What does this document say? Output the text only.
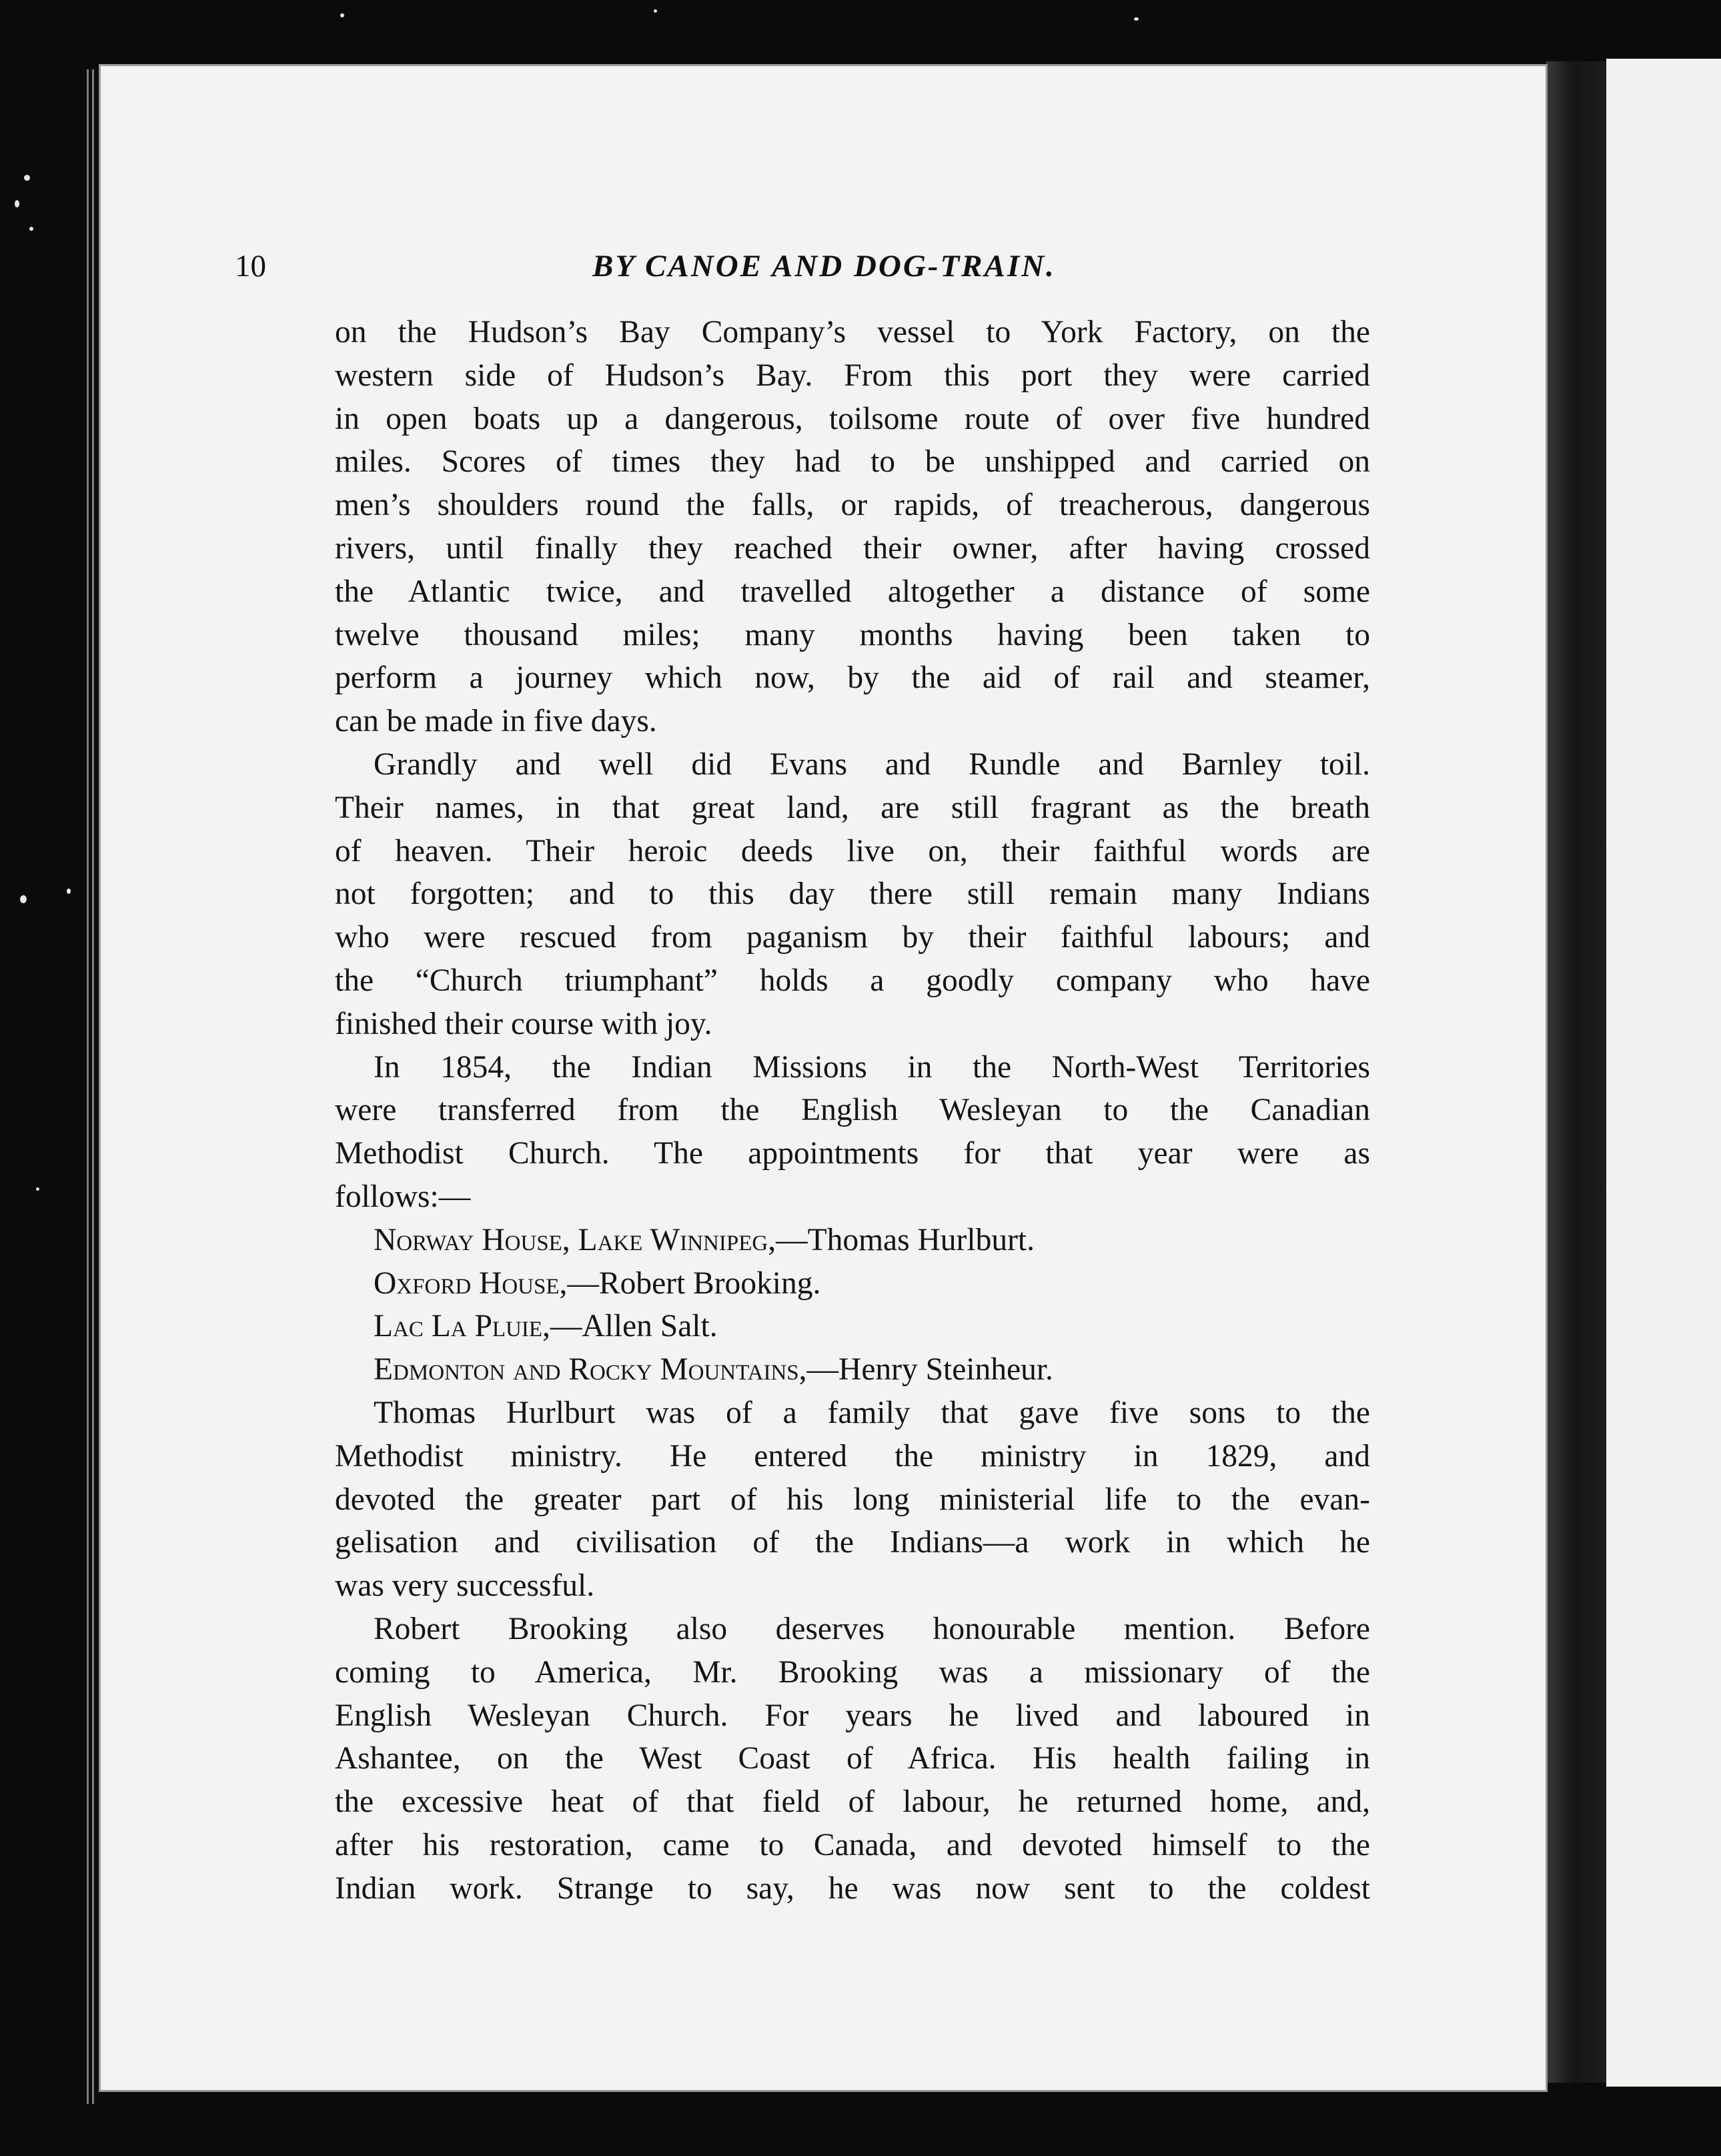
10	BY CANOE AND DOG-TRAIN.
on the Hudson’s Bay Company’s vessel to York Factory, on the
western side of Hudson’s Bay. From this port they were carried
in open boats up a dangerous, toilsome route of over five hundred
miles. Scores of times they had to be unshipped and carried on
men’s shoulders round the falls, or rapids, of treacherous, dangerous
rivers, until finally they reached their owner, after having crossed
the Atlantic twice, and travelled altogether a distance of some
twelve thousand miles; many months having been taken to
perform a journey which now, by the aid of rail and steamer,
can be made in five days.
Grandly and well did Evans and Rundle and Barnley toil.
Their names, in that great land, are still fragrant as the breath
of heaven. Their heroic deeds live on, their faithful words are
not forgotten; and to this day there still remain many Indians
who were rescued from paganism by their faithful labours; and
the “Church triumphant” holds a goodly company who have
finished their course with joy.
In 1854, the Indian Missions in the North-West Territories
were transferred from the English Wesleyan to the Canadian
Methodist Church. The appointments for that year were as
follows:—
Norway House, Lake Winnipeg,—Thomas Hurlburt.
Oxford House,—Robert Brooking.
Lac La Pluie,—Allen Salt.
Edmonton and Rocky Mountains,—Henry Steinheur.
Thomas Hurlburt was of a family that gave five sons to the
Methodist ministry. He entered the ministry in 1829, and
devoted the greater part of his long ministerial life to the evan-
gelisation and civilisation of the Indians—a work in which he
was very successful.
Robert Brooking also deserves honourable mention. Before
coming to America, Mr. Brooking was a missionary of the
English Wesleyan Church. For years he lived and laboured in
Ashantee, on the West Coast of Africa. His health failing in
the excessive heat of that field of labour, he returned home, and,
after his restoration, came to Canada, and devoted himself to the
Indian work. Strange to say, he was now sent to the coldest
